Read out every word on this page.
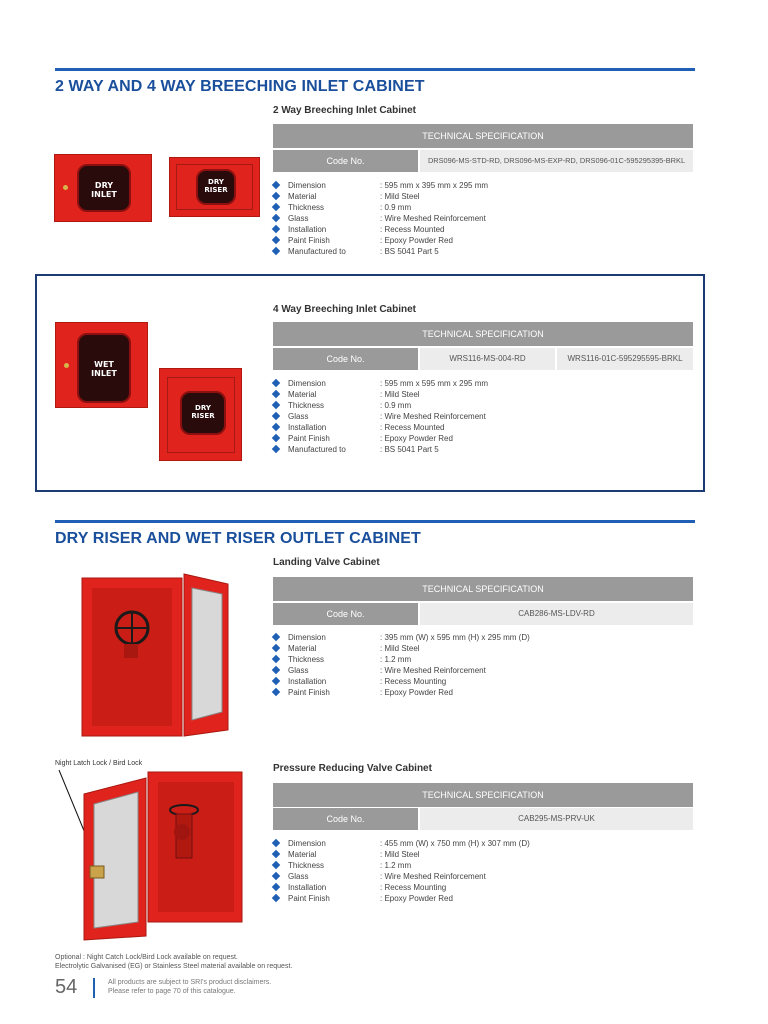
2 WAY AND 4 WAY BREECHING INLET CABINET
2 Way Breeching Inlet Cabinet
TECHNICAL SPECIFICATION
Code No.	DRS096-MS-STD-RD, DRS096-MS-EXP-RD, DRS096-01C-595295395-BRKL
Dimension	: 595 mm x 395 mm x 295 mm
Material	: Mild Steel
Thickness	: 0.9 mm
Glass	: Wire Meshed Reinforcement
Installation	: Recess Mounted
Paint Finish	: Epoxy Powder Red
Manufactured to	: BS 5041 Part 5
DRY
INLET
DRY
RISER
4 Way Breeching Inlet Cabinet
TECHNICAL SPECIFICATION
Code No.	WRS116-MS-004-RD	WRS116-01C-595295595-BRKL
Dimension	: 595 mm x 595 mm x 295 mm
Material	: Mild Steel
Thickness	: 0.9 mm
Glass	: Wire Meshed Reinforcement
Installation	: Recess Mounted
Paint Finish	: Epoxy Powder Red
Manufactured to	: BS 5041 Part 5
WET
INLET
DRY
RISER
DRY RISER AND WET RISER OUTLET CABINET
Landing Valve Cabinet
TECHNICAL SPECIFICATION
Code No.	CAB286-MS-LDV-RD
Dimension	: 395 mm (W) x 595 mm (H) x 295 mm (D)
Material	: Mild Steel
Thickness	: 1.2 mm
Glass	: Wire Meshed Reinforcement
Installation	: Recess Mounting
Paint Finish	: Epoxy Powder Red
Pressure Reducing Valve Cabinet
TECHNICAL SPECIFICATION
Code No.	CAB295-MS-PRV-UK
Dimension	: 455 mm (W) x 750 mm (H) x 307 mm (D)
Material	: Mild Steel
Thickness	: 1.2 mm
Glass	: Wire Meshed Reinforcement
Installation	: Recess Mounting
Paint Finish	: Epoxy Powder Red
Night Latch Lock / Bird Lock
Optional : Night Catch Lock/Bird Lock available on request.
Electrolytic Galvanised (EG) or Stainless Steel material available on request.
54	All products are subject to SRI's product disclaimers.
Please refer to page 70 of this catalogue.
